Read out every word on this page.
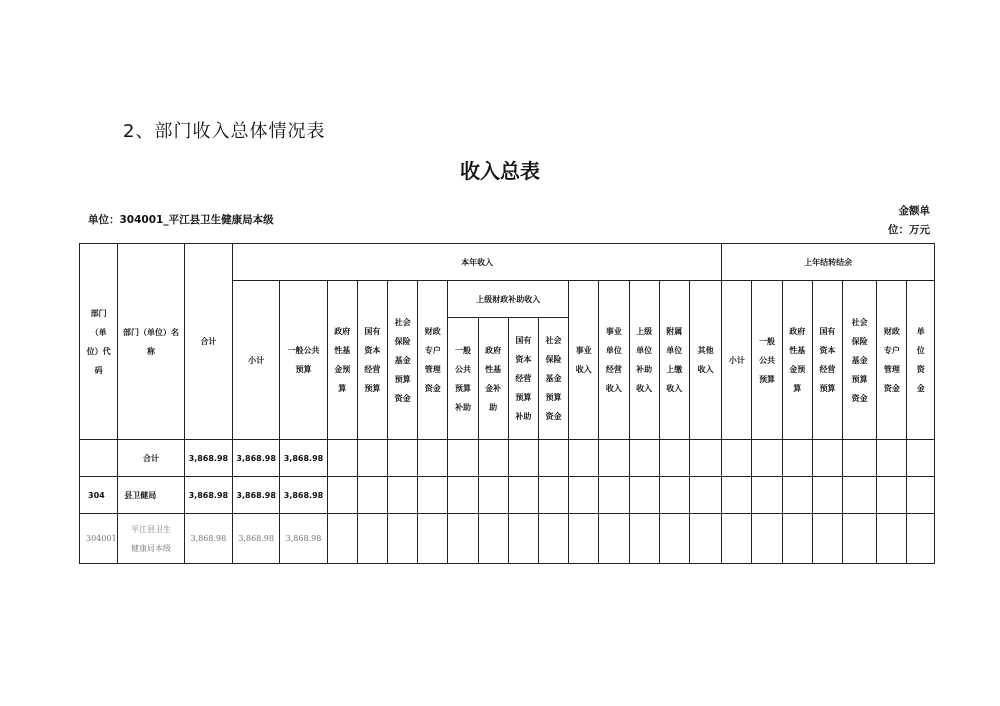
2、部门收入总体情况表
收入总表
单位：304001_平江县卫生健康局本级
金额单位：万元
部门（单位）代码	部门（单位）名称	合计	本年收入															上年结转结余						
			小计	一般公共预算	政府性基金预算	国有资本经营预算	社会保险基金预算资金	财政专户管理资金	上级财政补助收入				事业收入	事业单位经营收入	上级单位补助收入	附属单位上缴收入	其他收入	小计	一般公共预算	政府性基金预算	国有资本经营预算	社会保险基金预算资金	财政专户管理资金	单位资金
									一般公共预算补助	政府性基金补助	国有资本经营预算补助	社会保险基金预算资金												
	合计	3,868.98	3,868.98	3,868.98																				
304	县卫健局	3,868.98	3,868.98	3,868.98																				
304001	平江县卫生健康局本级	3,868.98	3,868.98	3,868.98																				
